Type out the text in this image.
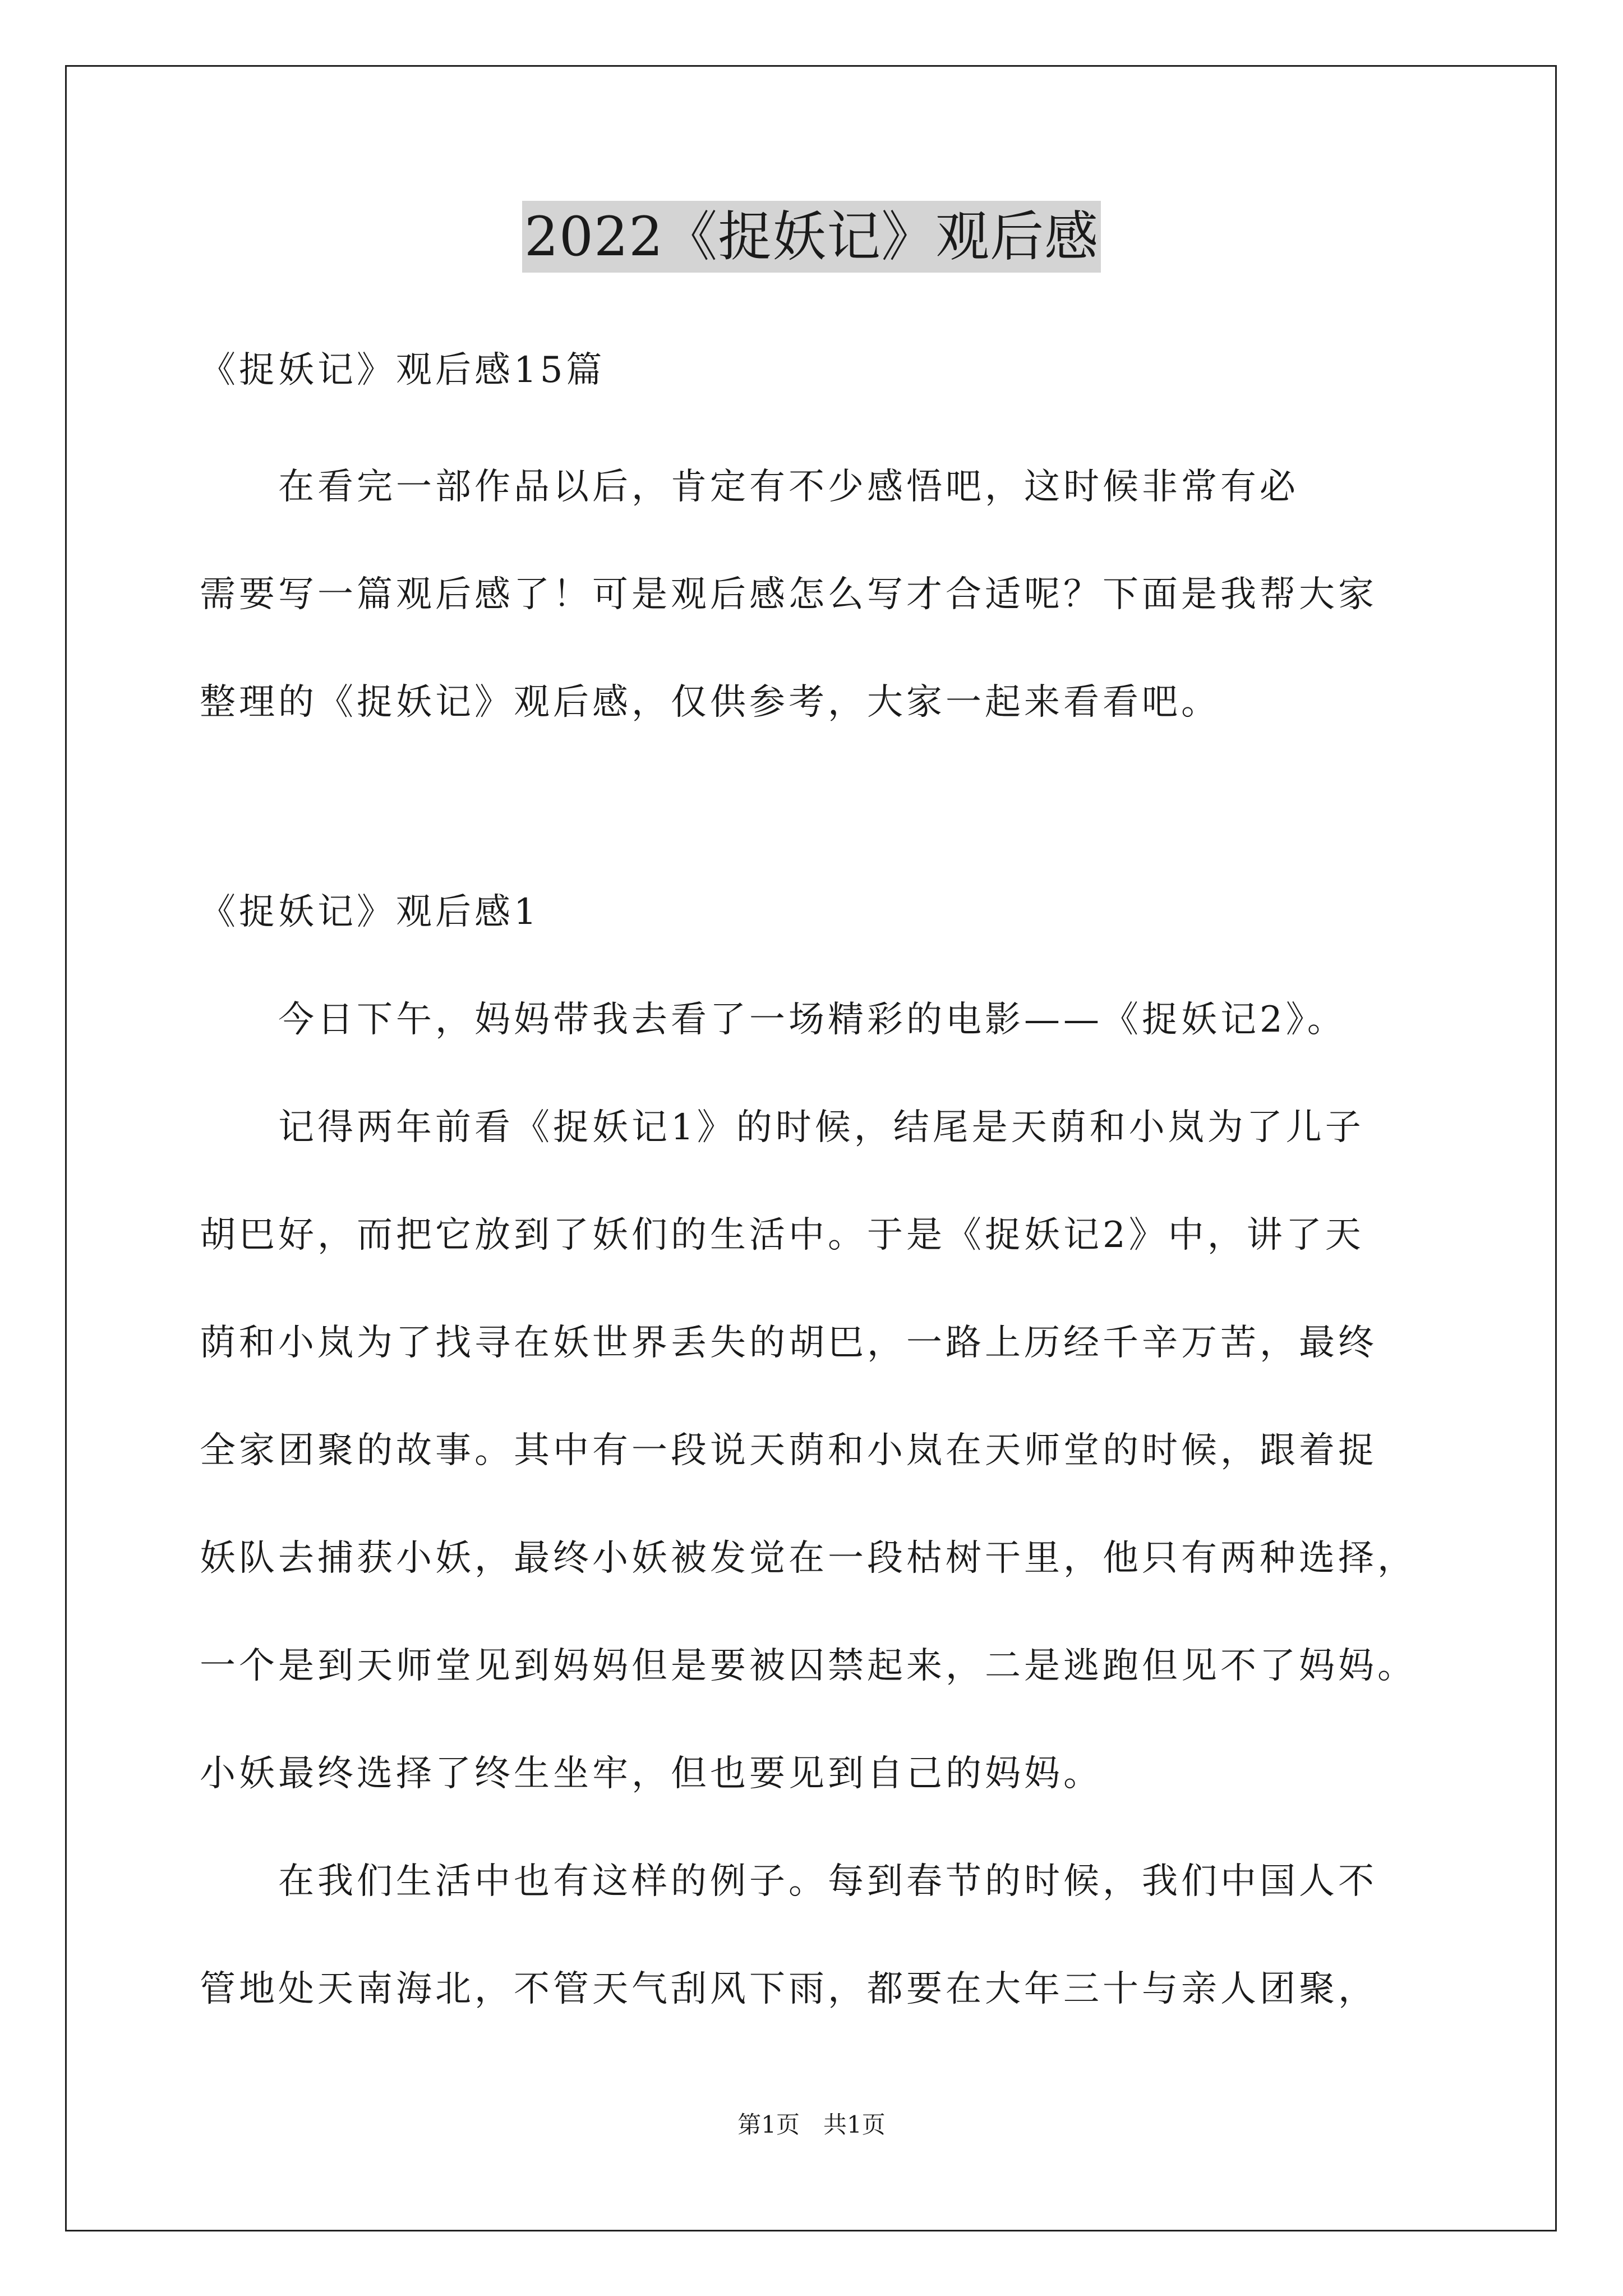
2022《捉妖记》观后感
《捉妖记》观后感15篇
　　在看完一部作品以后，肯定有不少感悟吧，这时候非常有必
需要写一篇观后感了！可是观后感怎么写才合适呢？下面是我帮大家
整理的《捉妖记》观后感，仅供参考，大家一起来看看吧。
《捉妖记》观后感1
　　今日下午，妈妈带我去看了一场精彩的电影——《捉妖记2》。
　　记得两年前看《捉妖记1》的时候，结尾是天荫和小岚为了儿子
胡巴好，而把它放到了妖们的生活中。于是《捉妖记2》中，讲了天
荫和小岚为了找寻在妖世界丢失的胡巴，一路上历经千辛万苦，最终
全家团聚的故事。其中有一段说天荫和小岚在天师堂的时候，跟着捉
妖队去捕获小妖，最终小妖被发觉在一段枯树干里，他只有两种选择，
一个是到天师堂见到妈妈但是要被囚禁起来，二是逃跑但见不了妈妈。
小妖最终选择了终生坐牢，但也要见到自己的妈妈。
　　在我们生活中也有这样的例子。每到春节的时候，我们中国人不
管地处天南海北，不管天气刮风下雨，都要在大年三十与亲人团聚，
第1页　共1页
